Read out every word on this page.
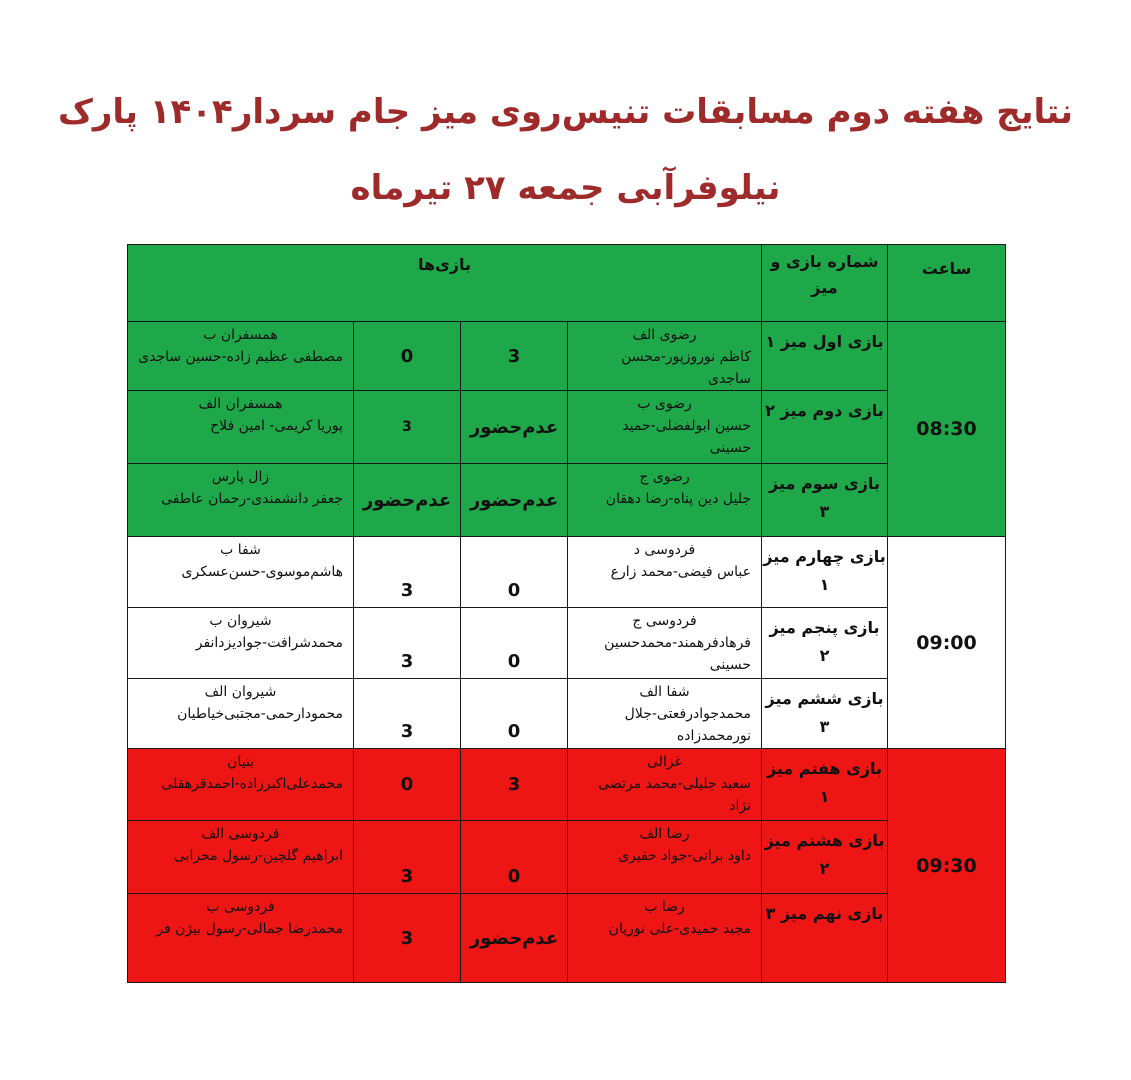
نتایج هفته دوم مسابقات تنیس‌روی میز جام سردار۱۴۰۴ پارک
نیلوفرآبی جمعه ۲۷ تیرماه
ساعت	شماره بازی و میز	بازی‌ها			
08:30	بازی اول میز ۱	رضوی الف
کاظم نوروزپور-محسن ساجدی	3	0	همسفران ب
مصطفی عظیم زاده-حسین ساجدی

	بازی دوم میز ۲	رضوی ب
حسین ابولفضلی-حمید حسینی	عدم‌حضور	3	همسفران الف
پوریا کریمی- امین فلاح

	بازی سوم میز ۳	رضوی ج
جلیل دین پناه-رضا دهقان	عدم‌حضور	عدم‌حضور	زال پارس
جعفر دانشمندی-رحمان عاطفی

09:00	بازی چهارم میز ۱	فردوسی د
عباس فیضی-محمد زارع	0	3	شفا ب
هاشم‌موسوی-حسن‌عسکری

	بازی پنجم میز ۲	فردوسی ج
فرهادفرهمند-محمدحسین حسینی	0	3	شیروان ب
محمدشرافت-جوادیزدانفر

	بازی ششم میز ۳	شفا الف
محمدجوادرفعتی-جلال نورمحمدزاده	0	3	شیروان الف
محمودارحمی-مجتبی‌خیاطیان

09:30	بازی هفتم میز ۱	غزالی
سعید جلیلی-محمد مرتضی نژاد	3	0	بنیان
محمدعلی‌اکبرزاده-احمدقرهقلی

	بازی هشتم میز ۲	رضا الف
داود براتی-جواد حقیری	0	3	فردوسی الف
ابراهیم گلچین-رسول محرابی

	بازی نهم میز ۳	رضا ب
مجید حمیدی-علی نوریان	عدم‌حضور	3	فردوسی ب
محمدرضا جمالی-رسول بیژن فر
